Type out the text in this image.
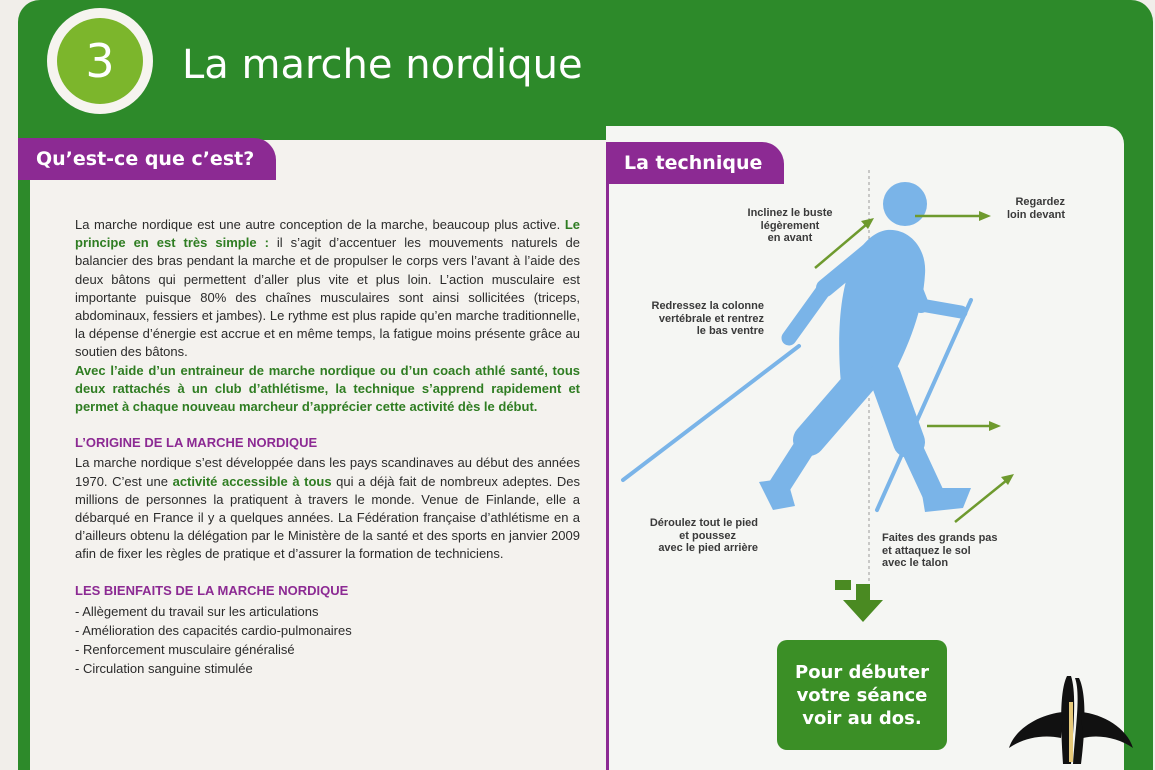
3	La marche nordique
Qu’est-ce que c’est?	La technique

La marche nordique est une autre conception de la marche, beaucoup plus active. Le principe en est très simple : il s’agit d’accentuer les mouvements naturels de balancier des bras pendant la marche et de propulser le corps vers l’avant à l’aide des deux bâtons qui permettent d’aller plus vite et plus loin. L’action musculaire est importante puisque 80% des chaînes musculaires sont ainsi sollicitées (triceps, abdominaux, fessiers et jambes). Le rythme est plus rapide qu’en marche traditionnelle, la dépense d’énergie est accrue et en même temps, la fatigue moins présente grâce au soutien des bâtons.

Avec l’aide d’un entraineur de marche nordique ou d’un coach athlé santé, tous deux rattachés à un club d’athlétisme, la technique s’apprend rapidement et permet à chaque nouveau marcheur d’apprécier cette activité dès le début.

L’ORIGINE DE LA MARCHE NORDIQUE

La marche nordique s’est développée dans les pays scandinaves au début des années 1970. C’est une activité accessible à tous qui a déjà fait de nombreux adeptes. Des millions de personnes la pratiquent à travers le monde. Venue de Finlande, elle a débarqué en France il y a quelques années. La Fédération française d’athlétisme en a d’ailleurs obtenu la délégation par le Ministère de la santé et des sports en janvier 2009 afin de fixer les règles de pratique et d’assurer la formation de techniciens.

LES BIENFAITS DE LA MARCHE NORDIQUE

- Allègement du travail sur les articulations
- Amélioration des capacités cardio-pulmonaires
- Renforcement musculaire généralisé
- Circulation sanguine stimulée
Inclinez le buste
légèrement
en avant
Regardez
loin devant
Redressez la colonne
vertébrale et rentrez
le bas ventre
Déroulez tout le pied
et poussez
avec le pied arrière
Faites des grands pas
et attaquez le sol
avec le talon
Pour débuter
votre séance
voir au dos.
